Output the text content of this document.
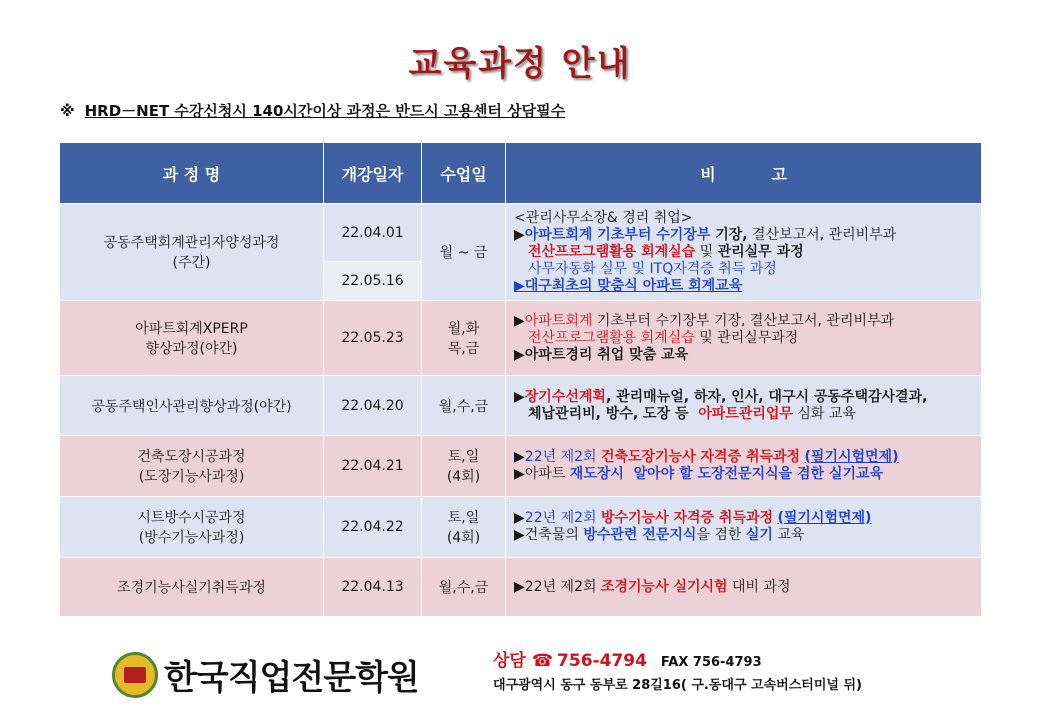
교육과정 안내
※ HRD－NET 수강신청시 140시간이상 과정은 반드시 고용센터 상담필수
과 정 명	개강일자	수업일	비          고

공동주택회계관리자양성과정
(주간)	22.04.01	월 ~ 금	<관리사무소장& 경리 취업>
▶아파트회계 기초부터 수기장부 기장, 결산보고서, 관리비부과
전산프로그램활용 회계실습 및 관리실무 과정
사무자동화 실무 및 ITQ자격증 취득 과정
▶대구최초의 맞춤식 아파트 회계교육

	22.05.16		

아파트회계XPERP
향상과정(야간)	22.05.23	월,화
목,금	▶아파트회계 기초부터 수기장부 기장, 결산보고서, 관리비부과
전산프로그램활용 회계실습 및 관리실무과정
▶아파트경리 취업 맞춤 교육

공동주택인사관리향상과정(야간)	22.04.20	월,수,금	▶장기수선계획, 관리매뉴얼, 하자, 인사, 대구시 공동주택감사결과,
체납관리비, 방수, 도장 등  아파트관리업무 심화 교육

건축도장시공과정
(도장기능사과정)	22.04.21	토,일
(4회)	▶22년 제2회 건축도장기능사 자격증 취득과정 (필기시험면제)
▶아파트 재도장시  알아야 할 도장전문지식을 겸한 실기교육

시트방수시공과정
(방수기능사과정)	22.04.22	토,일
(4회)	▶22년 제2회 방수기능사 자격증 취득과정 (필기시험면제)
▶건축물의 방수관련 전문지식을 겸한 실기 교육

조경기능사실기취득과정	22.04.13	월,수,금	▶22년 제2회 조경기능사 실기시험 대비 과정
한국직업전문학원	상담 ☎ 756-4794 FAX 756-4793
대구광역시 동구 동부로 28길16( 구.동대구 고속버스터미널 뒤)
